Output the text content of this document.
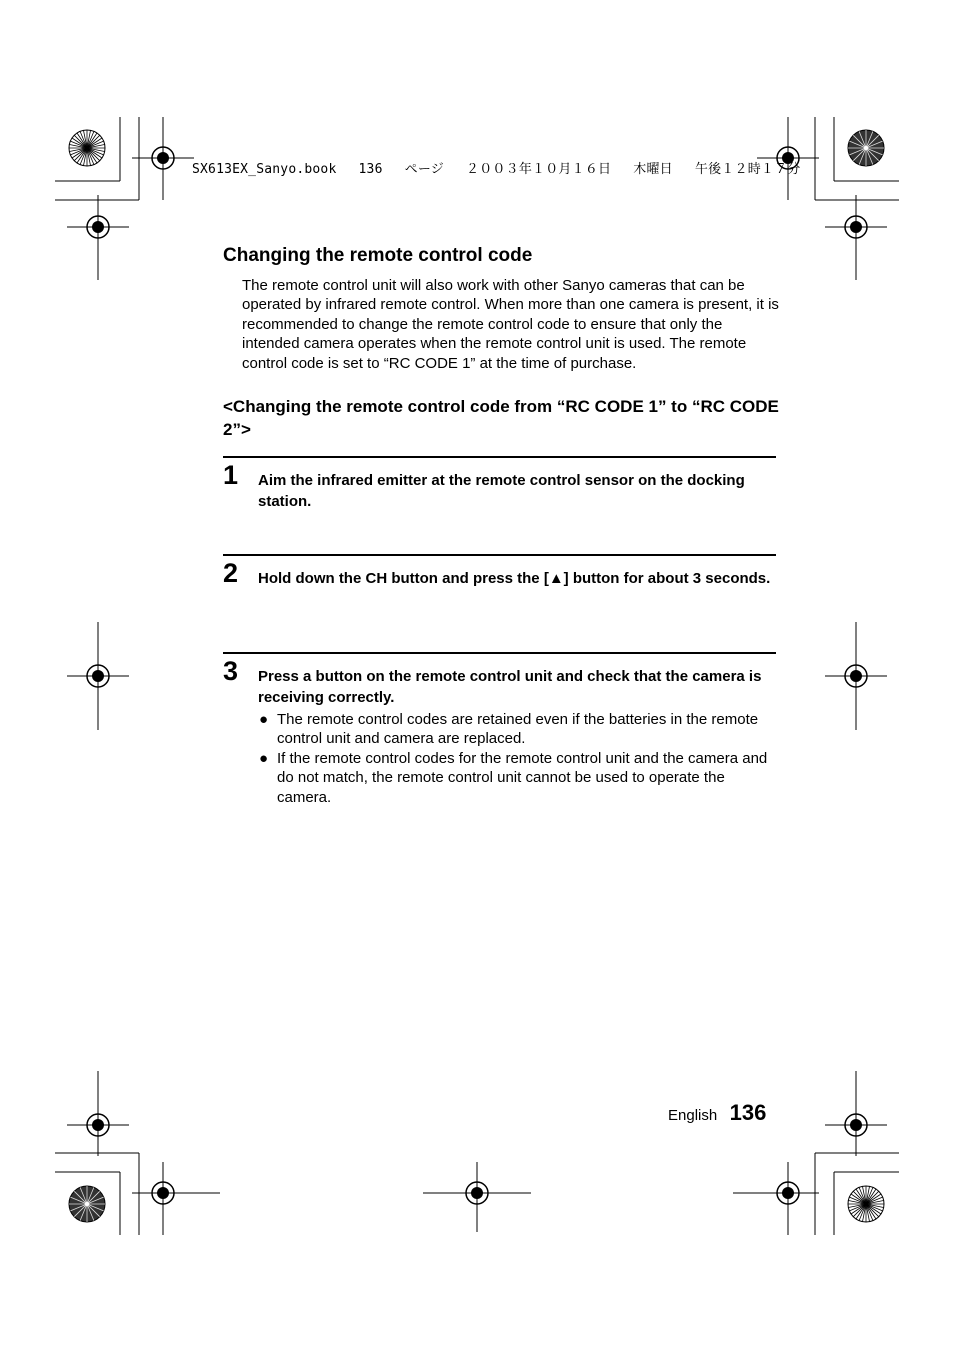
SX613EX_Sanyo.book 136 ページ ２００３年１０月１６日 木曜日 午後１２時１７分
Changing the remote control code

The remote control unit will also work with other Sanyo cameras that can be operated by infrared remote control. When more than one camera is present, it is recommended to change the remote control code to ensure that only the intended camera operates when the remote control unit is used. The remote control code is set to “RC CODE 1” at the time of purchase.

<Changing the remote control code from “RC CODE 1” to “RC CODE 2”>
1 Aim the infrared emitter at the remote control sensor on the docking station.

2 Hold down the CH button and press the [▲] button for about 3 seconds.

3 Press a button on the remote control unit and check that the camera is receiving correctly.

● The remote control codes are retained even if the batteries in the remote control unit and camera are replaced.
● If the remote control codes for the remote control unit and the camera and do not match, the remote control unit cannot be used to operate the camera.
English 136
